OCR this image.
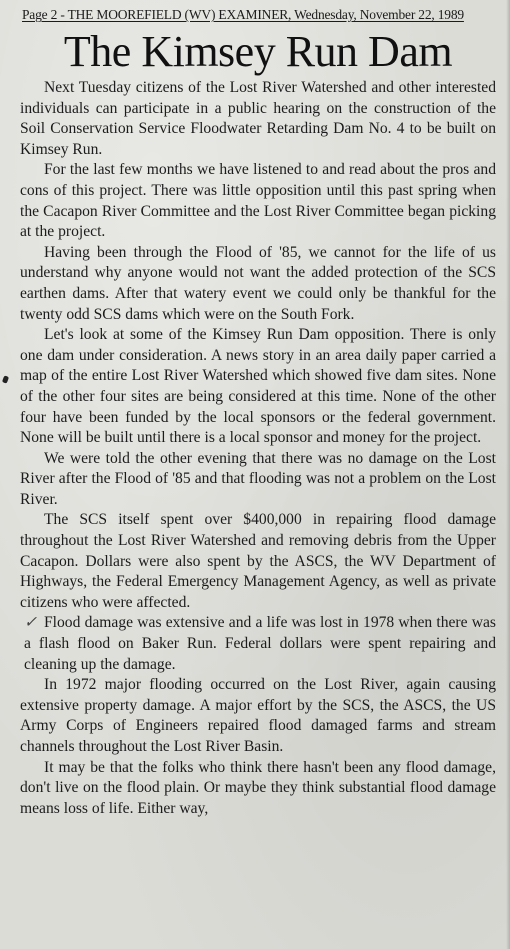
Page 2 - THE MOOREFIELD (WV) EXAMINER, Wednesday, November 22, 1989
The Kimsey Run Dam

Next Tuesday citizens of the Lost River Watershed and other interested individuals can participate in a public hearing on the construction of the Soil Conservation Service Floodwater Retarding Dam No. 4 to be built on Kimsey Run.

For the last few months we have listened to and read about the pros and cons of this project. There was little opposition until this past spring when the Cacapon River Committee and the Lost River Committee began picking at the project.

Having been through the Flood of '85, we cannot for the life of us understand why anyone would not want the added protection of the SCS earthen dams. After that watery event we could only be thankful for the twenty odd SCS dams which were on the South Fork.

Let's look at some of the Kimsey Run Dam opposition. There is only one dam under consideration. A news story in an area daily paper carried a map of the entire Lost River Watershed which showed five dam sites. None of the other four sites are being considered at this time. None of the other four have been funded by the local sponsors or the federal government. None will be built until there is a local sponsor and money for the project.

We were told the other evening that there was no damage on the Lost River after the Flood of '85 and that flooding was not a problem on the Lost River.

The SCS itself spent over $400,000 in repairing flood damage throughout the Lost River Watershed and removing debris from the Upper Cacapon. Dollars were also spent by the ASCS, the WV Department of Highways, the Federal Emergency Management Agency, as well as private citizens who were affected.

✓ Flood damage was extensive and a life was lost in 1978 when there was a flash flood on Baker Run. Federal dollars were spent repairing and cleaning up the damage.

In 1972 major flooding occurred on the Lost River, again causing extensive property damage. A major effort by the SCS, the ASCS, the US Army Corps of Engineers repaired flood damaged farms and stream channels throughout the Lost River Basin.

It may be that the folks who think there hasn't been any flood damage, don't live on the flood plain. Or maybe they think substantial flood damage means loss of life. Either way,
